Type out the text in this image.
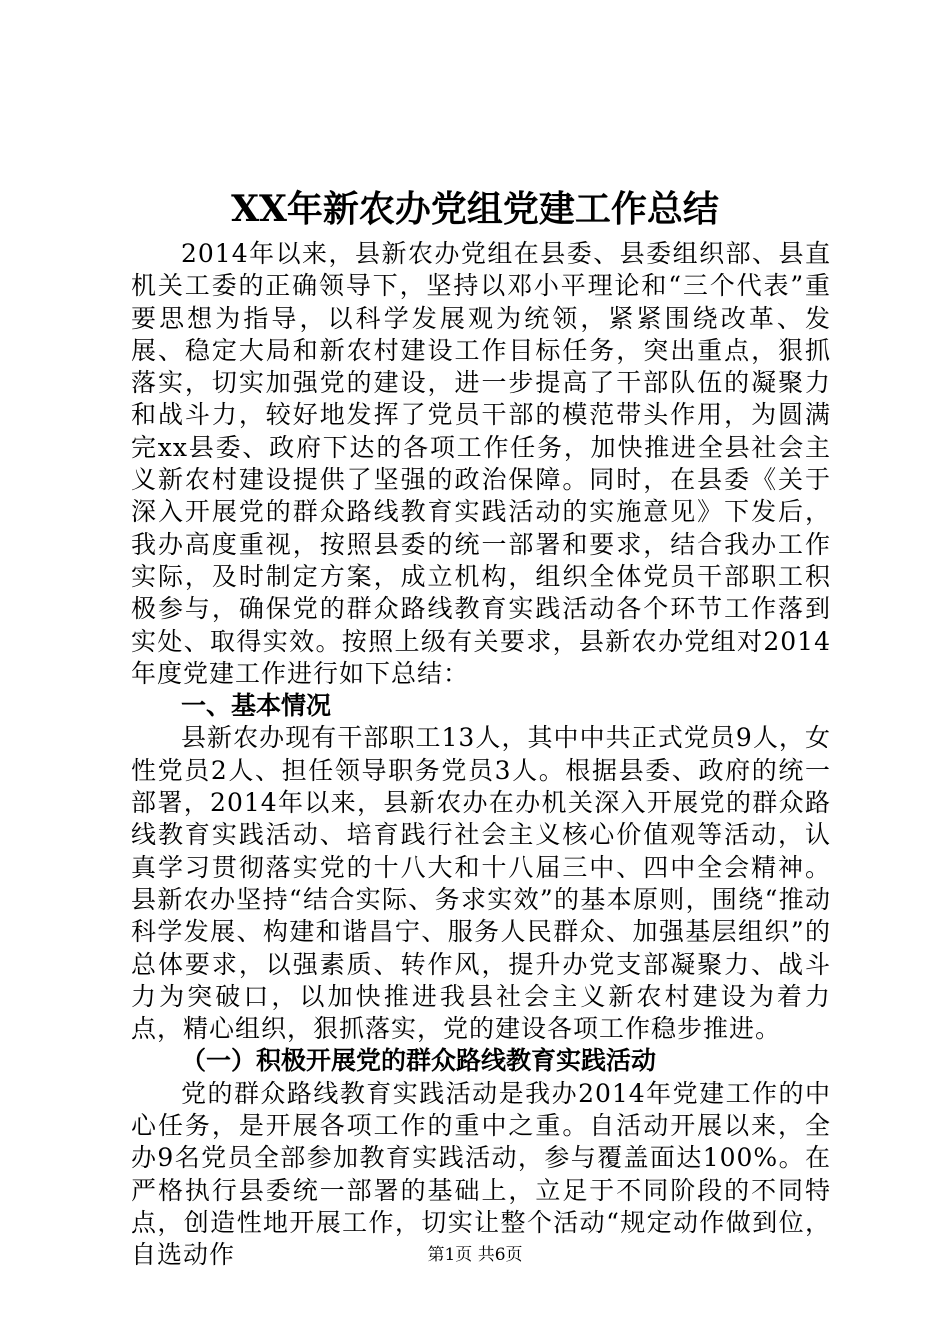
XX年新农办党组党建工作总结

2014年以来，县新农办党组在县委、县委组织部、县直机关工委的正确领导下，坚持以邓小平理论和“三个代表”重要思想为指导，以科学发展观为统领，紧紧围绕改革、发展、稳定大局和新农村建设工作目标任务，突出重点，狠抓落实，切实加强党的建设，进一步提高了干部队伍的凝聚力和战斗力，较好地发挥了党员干部的模范带头作用，为圆满完xx县委、政府下达的各项工作任务，加快推进全县社会主义新农村建设提供了坚强的政治保障。同时，在县委《关于深入开展党的群众路线教育实践活动的实施意见》下发后，我办高度重视，按照县委的统一部署和要求，结合我办工作实际，及时制定方案，成立机构，组织全体党员干部职工积极参与，确保党的群众路线教育实践活动各个环节工作落到实处、取得实效。按照上级有关要求，县新农办党组对2014年度党建工作进行如下总结：

一、基本情况

县新农办现有干部职工13人，其中中共正式党员9人，女性党员2人、担任领导职务党员3人。根据县委、政府的统一部署，2014年以来，县新农办在办机关深入开展党的群众路线教育实践活动、培育践行社会主义核心价值观等活动，认真学习贯彻落实党的十八大和十八届三中、四中全会精神。县新农办坚持“结合实际、务求实效”的基本原则，围绕“推动科学发展、构建和谐昌宁、服务人民群众、加强基层组织”的总体要求，以强素质、转作风，提升办党支部凝聚力、战斗力为突破口，以加快推进我县社会主义新农村建设为着力点，精心组织，狠抓落实，党的建设各项工作稳步推进。

（一）积极开展党的群众路线教育实践活动

党的群众路线教育实践活动是我办2014年党建工作的中心任务，是开展各项工作的重中之重。自活动开展以来，全办9名党员全部参加教育实践活动，参与覆盖面达100%。在严格执行县委统一部署的基础上，立足于不同阶段的不同特点，创造性地开展工作，切实让整个活动“规定动作做到位，自选动作	第1页 共6页
